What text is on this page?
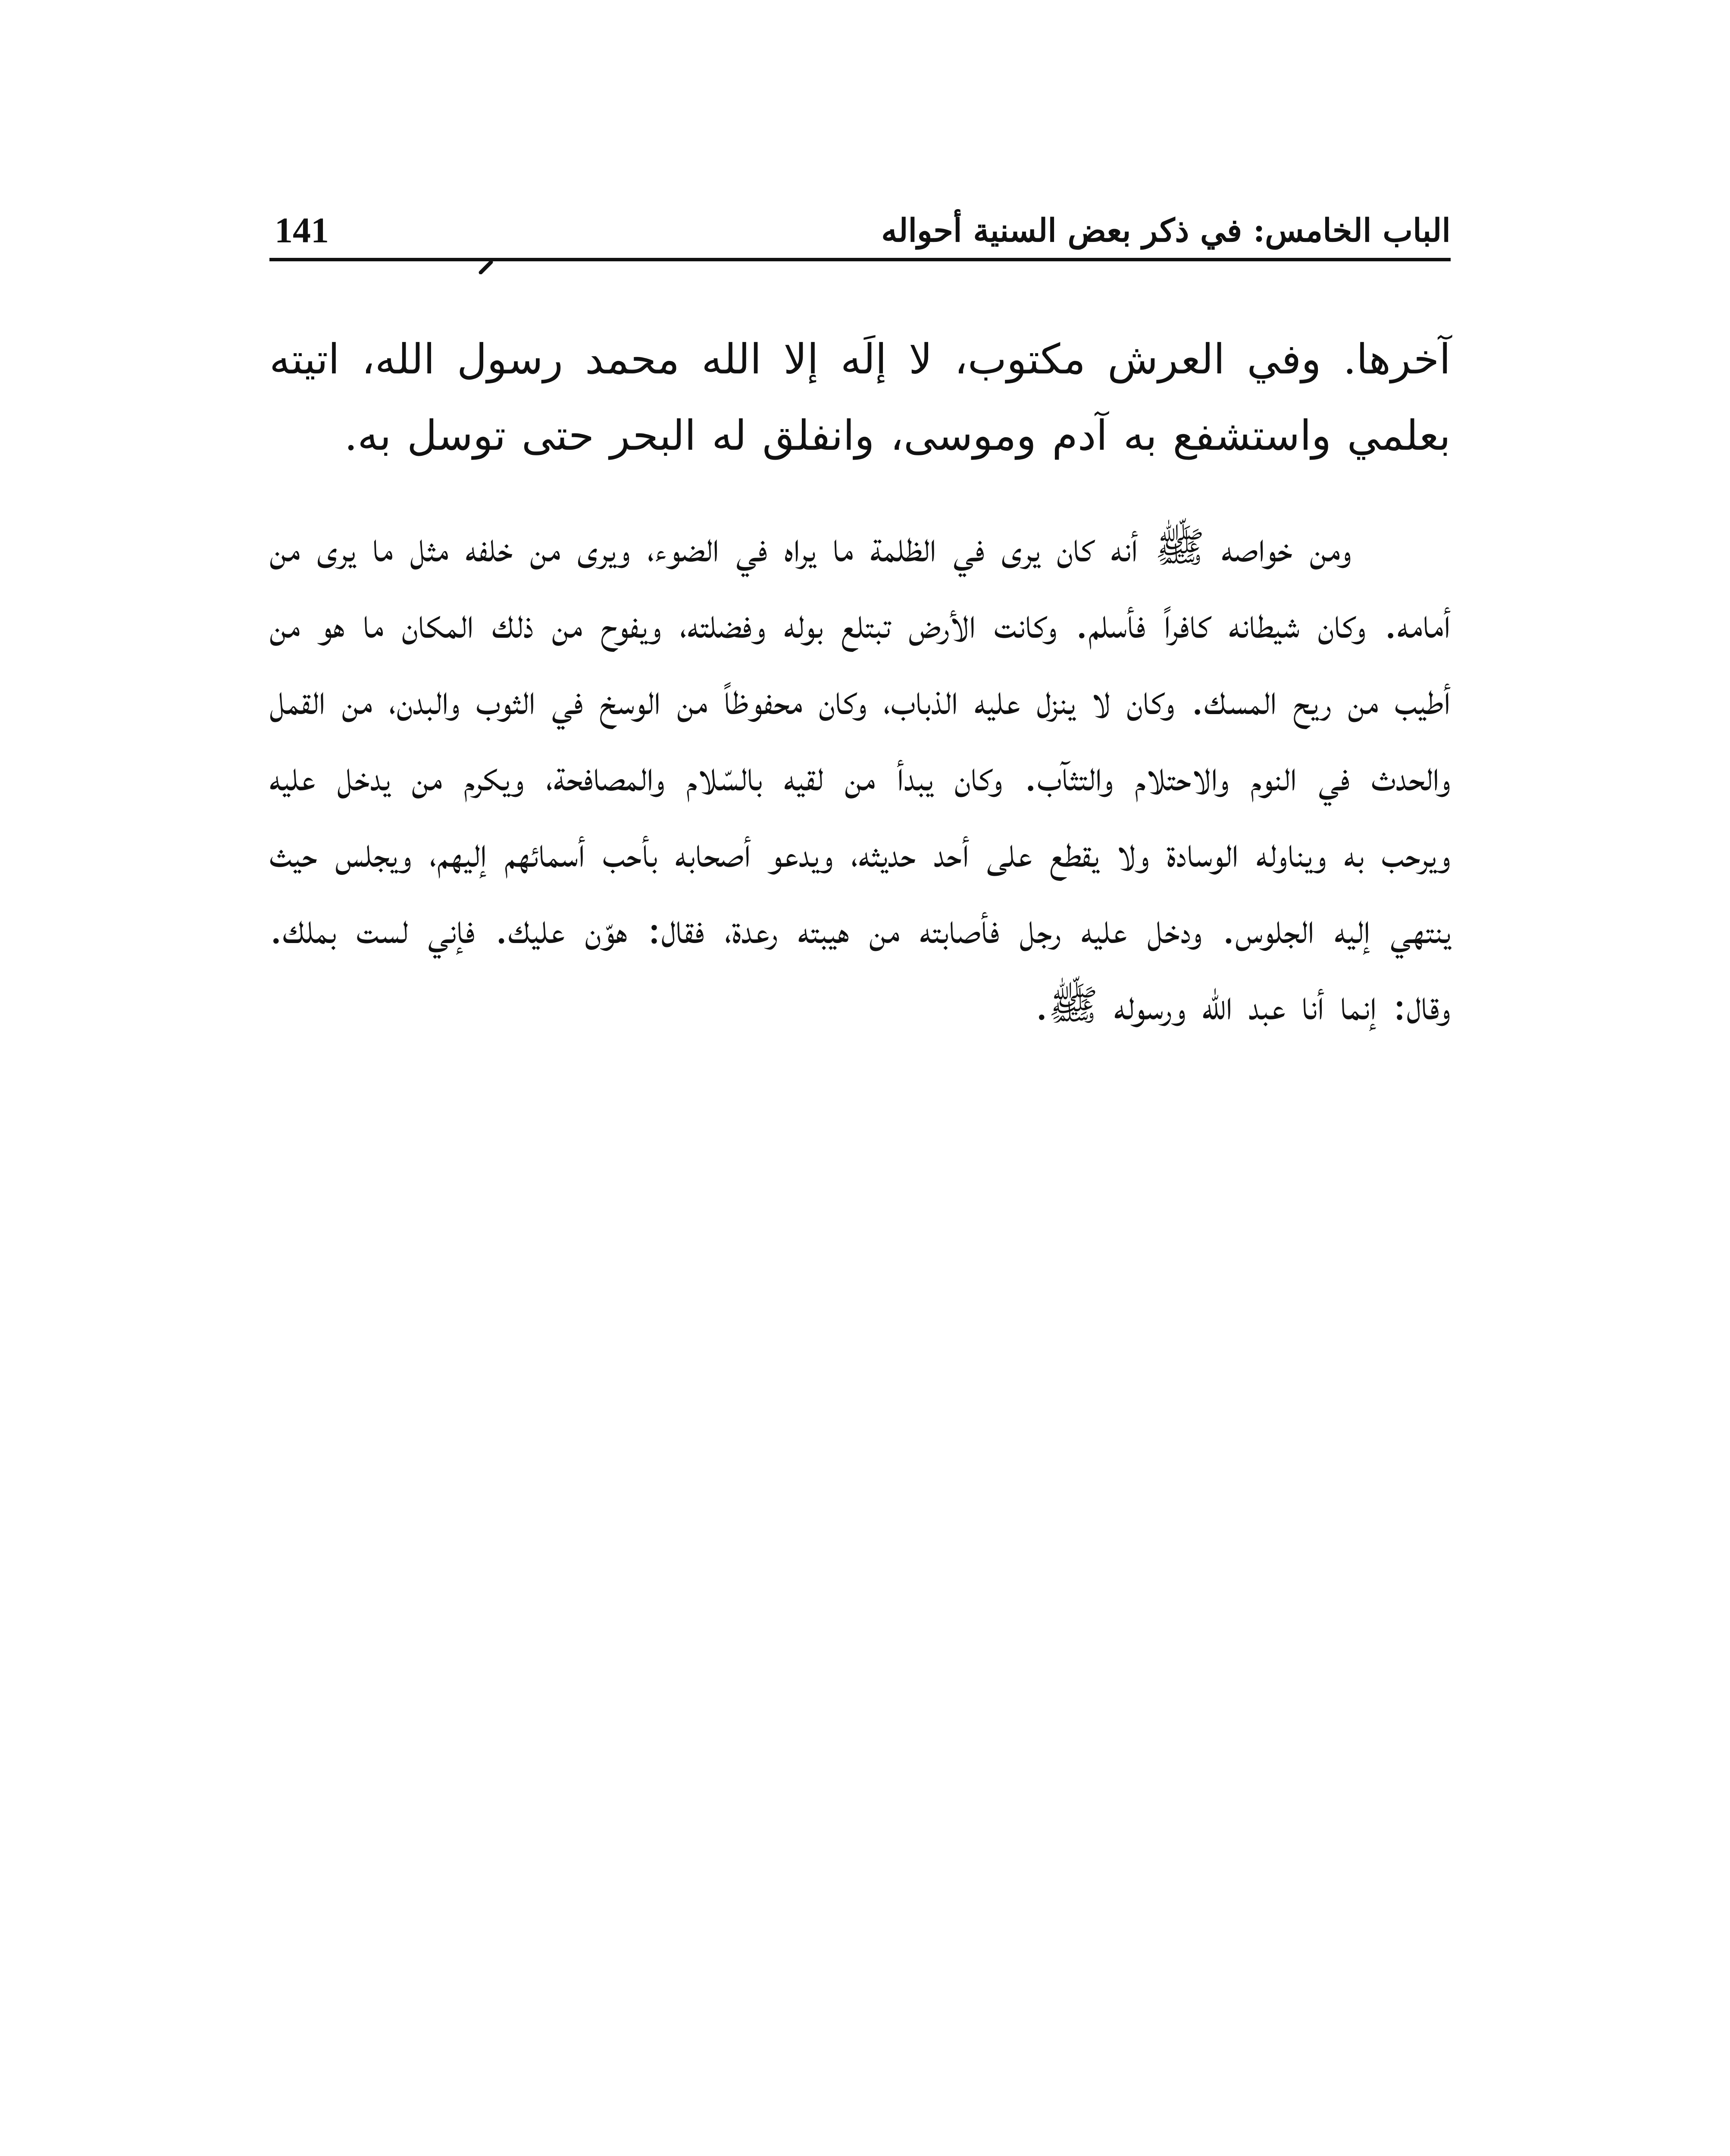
الباب الخامس: في ذكر بعض السنية أحواله
141

آخرها. وفي العرش مكتوب، لا إلَه إلا الله محمد رسول الله، اتيته بعلمي واستشفع به آدم وموسى، وانفلق له البحر حتى توسل به.

ومن خواصه ﷺ أنه كان يرى في الظلمة ما يراه في الضوء، ويرى من خلفه مثل ما يرى من أمامه. وكان شيطانه كافراً فأسلم. وكانت الأرض تبتلع بوله وفضلته، ويفوح من ذلك المكان ما هو من أطيب من ريح المسك. وكان لا ينزل عليه الذباب، وكان محفوظاً من الوسخ في الثوب والبدن، من القمل والحدث في النوم والاحتلام والتثآب. وكان يبدأ من لقيه بالسّلام والمصافحة، ويكرم من يدخل عليه ويرحب به ويناوله الوسادة ولا يقطع على أحد حديثه، ويدعو أصحابه بأحب أسمائهم إليهم، ويجلس حيث ينتهي إليه الجلوس. ودخل عليه رجل فأصابته من هيبته رعدة، فقال: هوّن عليك. فإني لست بملك. وقال: إنما أنا عبد الله ورسوله ﷺ.
